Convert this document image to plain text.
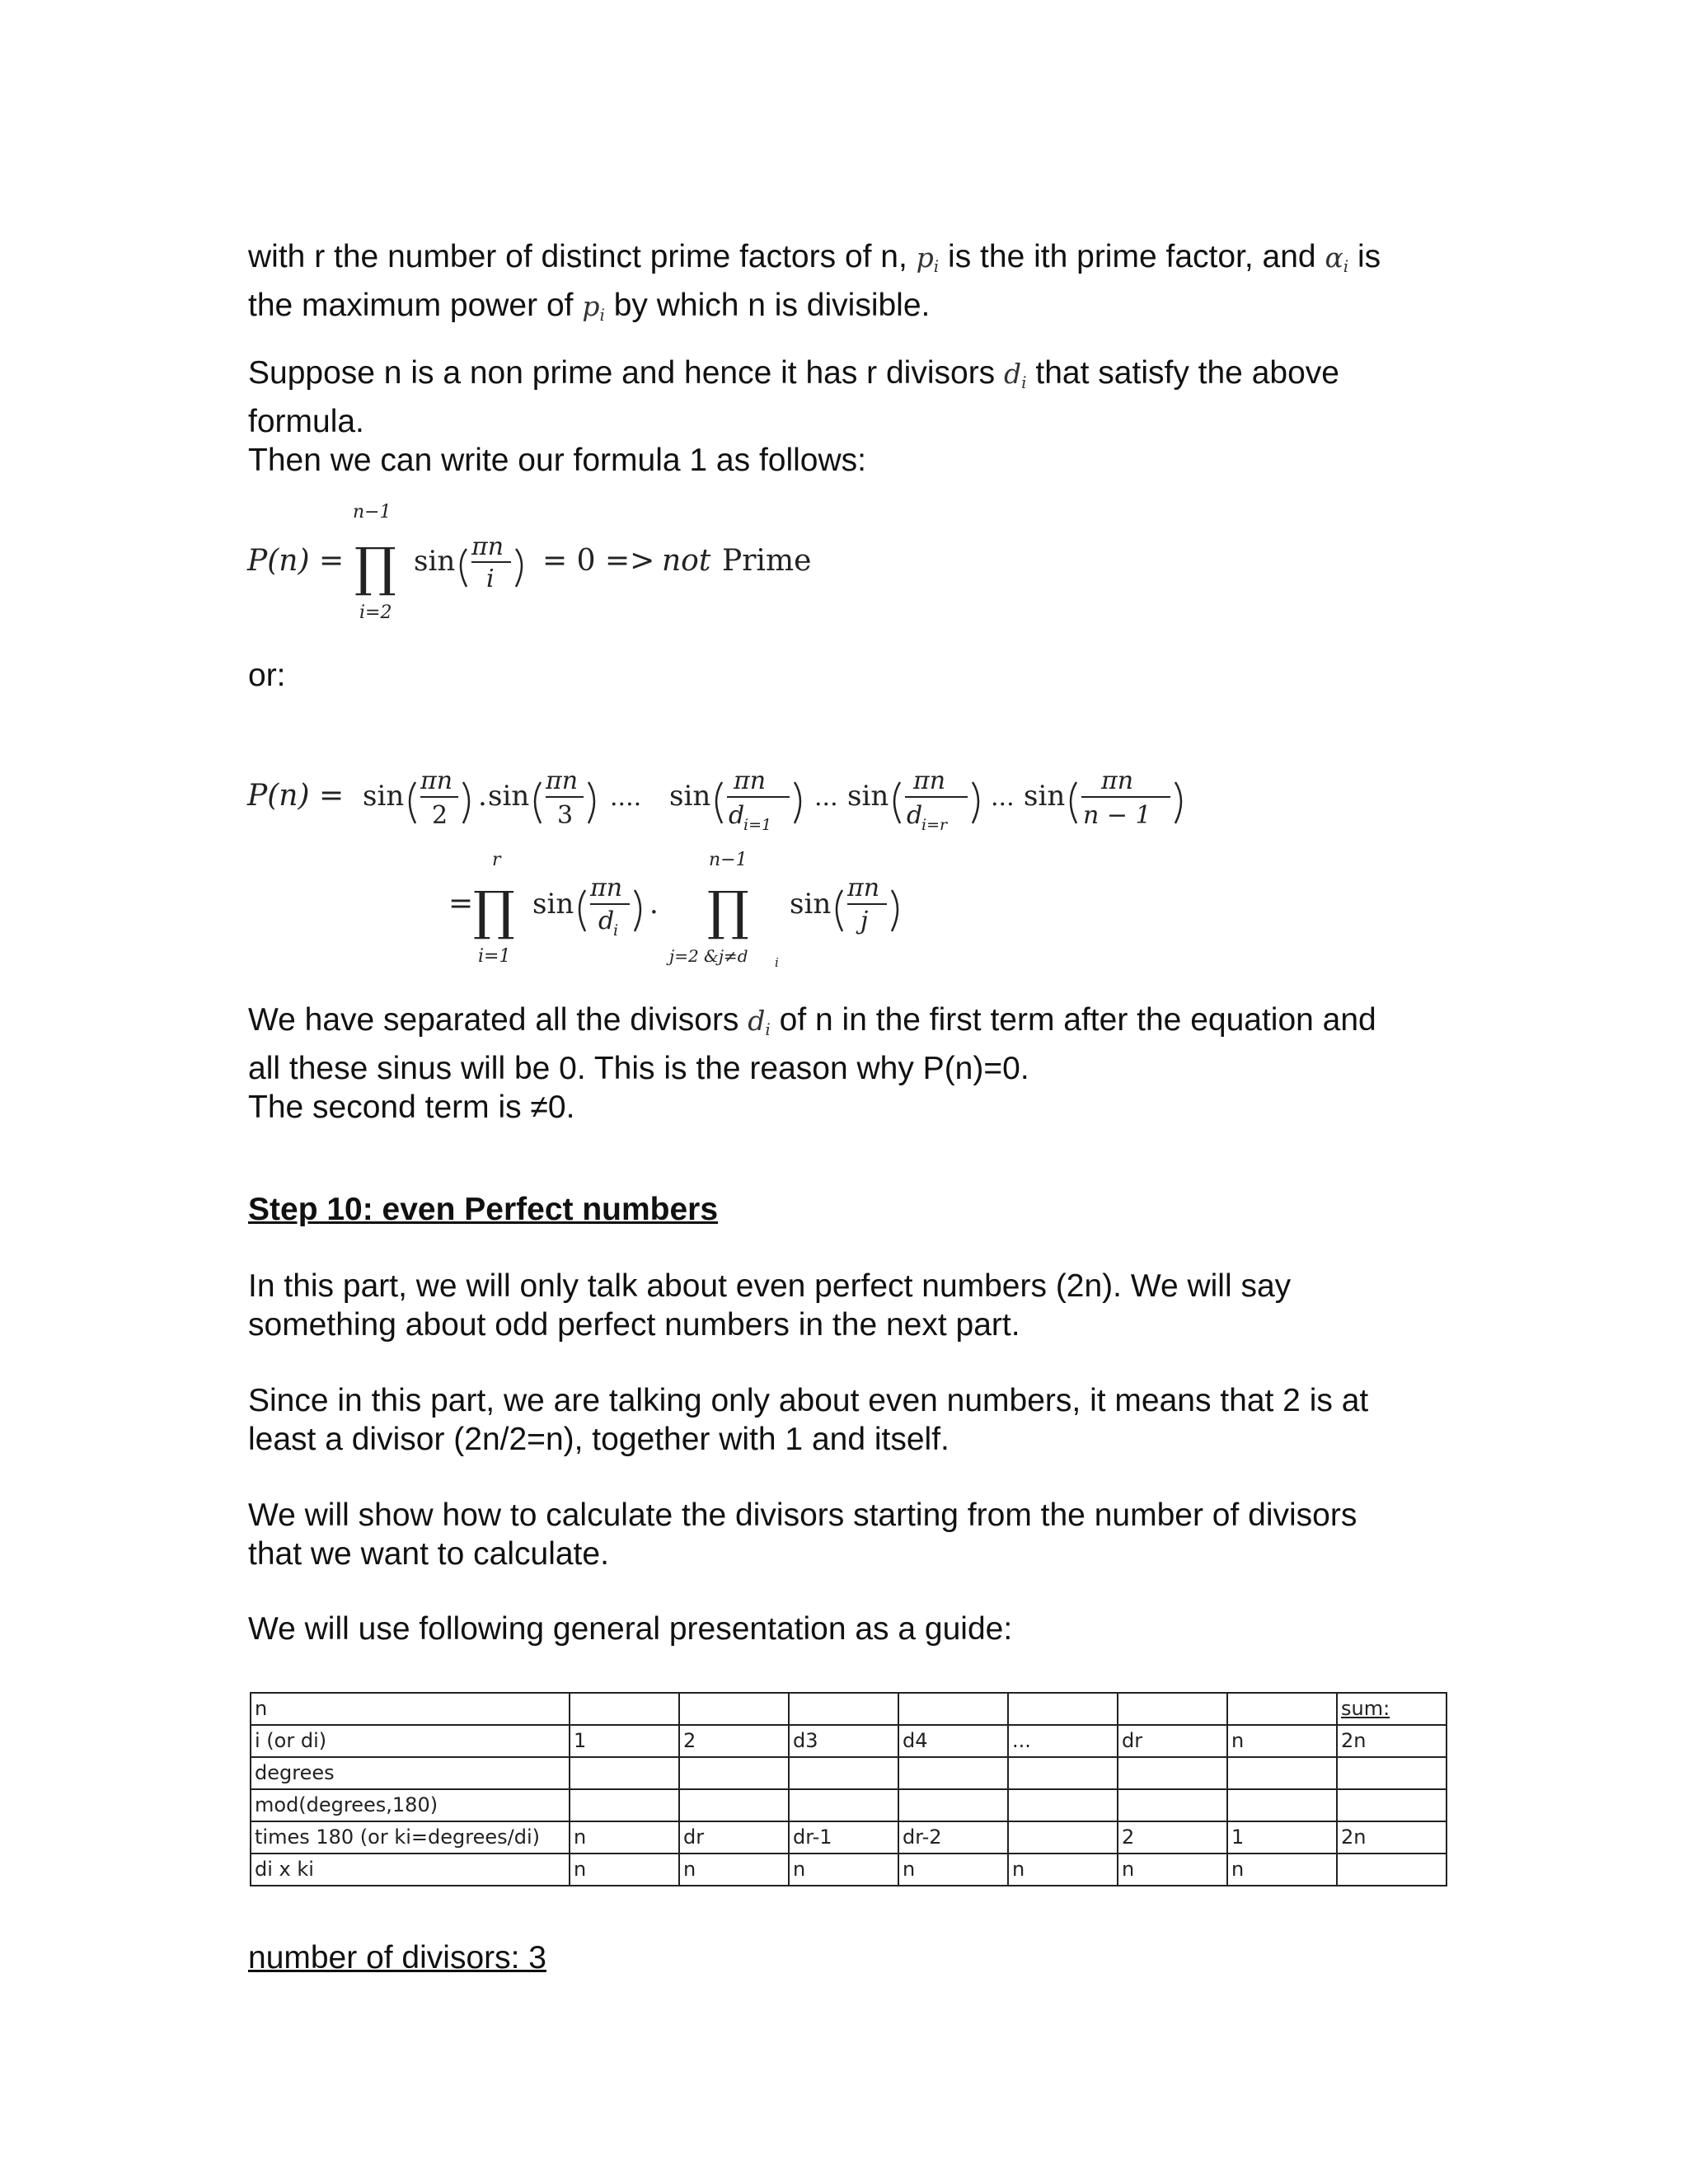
with r the number of distinct prime factors of n, $p_i$ is the ith prime factor, and $\alpha_i$ is
the maximum power of $p_i$ by which n is divisible.
Suppose n is a non prime and hence it has r divisors $d_i$ that satisfy the above
formula.
Then we can write our formula 1 as follows:
P(n) =
n−1
∏
i=2
sin πn
i
= 0 => not Prime
or:
P(n) = sin πn
2
. sin πn
3
.... sin πn
d
i=1
... sin πn
d
i=r
... sin πn
n − 1
=
r
∏
i=1
sin πn
d
i
.
n−1
∏
j=2 &j≠d i
sin πn
j
We have separated all the divisors $d_i$ of n in the first term after the equation and
all these sinus will be 0. This is the reason why P(n)=0.
The second term is ≠0.
Step 10: even Perfect numbers
In this part, we will only talk about even perfect numbers (2n). We will say
something about odd perfect numbers in the next part.
Since in this part, we are talking only about even numbers, it means that 2 is at
least a divisor (2n/2=n), together with 1 and itself.
We will show how to calculate the divisors starting from the number of divisors
that we want to calculate.
We will use following general presentation as a guide:
n								sum:
i (or di)	1	2	d3	d4	...	dr	n	2n
degrees								
mod(degrees,180)								
times 180 (or ki=degrees/di)	n	dr	dr-1	dr-2		2	1	2n
di x ki	n	n	n	n	n	n	n	
number of divisors: 3
